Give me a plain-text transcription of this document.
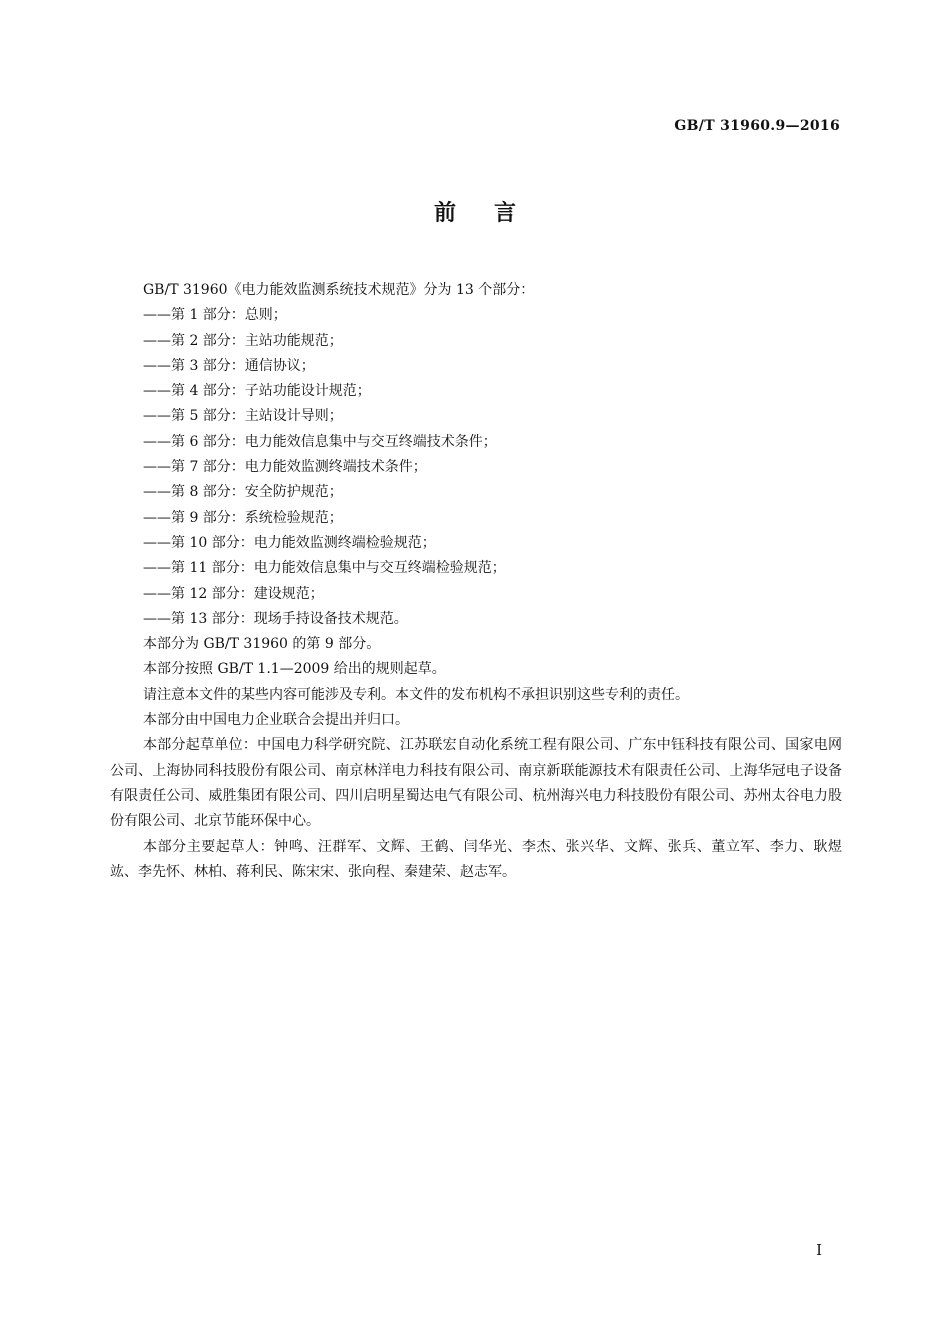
GB/T 31960.9—2016
前言

GB/T 31960《电力能效监测系统技术规范》分为 13 个部分：

——第 1 部分：总则；

——第 2 部分：主站功能规范；

——第 3 部分：通信协议；

——第 4 部分：子站功能设计规范；

——第 5 部分：主站设计导则；

——第 6 部分：电力能效信息集中与交互终端技术条件；

——第 7 部分：电力能效监测终端技术条件；

——第 8 部分：安全防护规范；

——第 9 部分：系统检验规范；

——第 10 部分：电力能效监测终端检验规范；

——第 11 部分：电力能效信息集中与交互终端检验规范；

——第 12 部分：建设规范；

——第 13 部分：现场手持设备技术规范。

本部分为 GB/T 31960 的第 9 部分。

本部分按照 GB/T 1.1—2009 给出的规则起草。

请注意本文件的某些内容可能涉及专利。本文件的发布机构不承担识别这些专利的责任。

本部分由中国电力企业联合会提出并归口。

本部分起草单位：中国电力科学研究院、江苏联宏自动化系统工程有限公司、广东中钰科技有限公司、国家电网公司、上海协同科技股份有限公司、南京林洋电力科技有限公司、南京新联能源技术有限责任公司、上海华冠电子设备有限责任公司、威胜集团有限公司、四川启明星蜀达电气有限公司、杭州海兴电力科技股份有限公司、苏州太谷电力股份有限公司、北京节能环保中心。

本部分主要起草人：钟鸣、汪群军、文辉、王鹤、闫华光、李杰、张兴华、文辉、张兵、董立军、李力、耿煜竑、李先怀、林柏、蒋利民、陈宋宋、张向程、秦建荣、赵志军。

I
